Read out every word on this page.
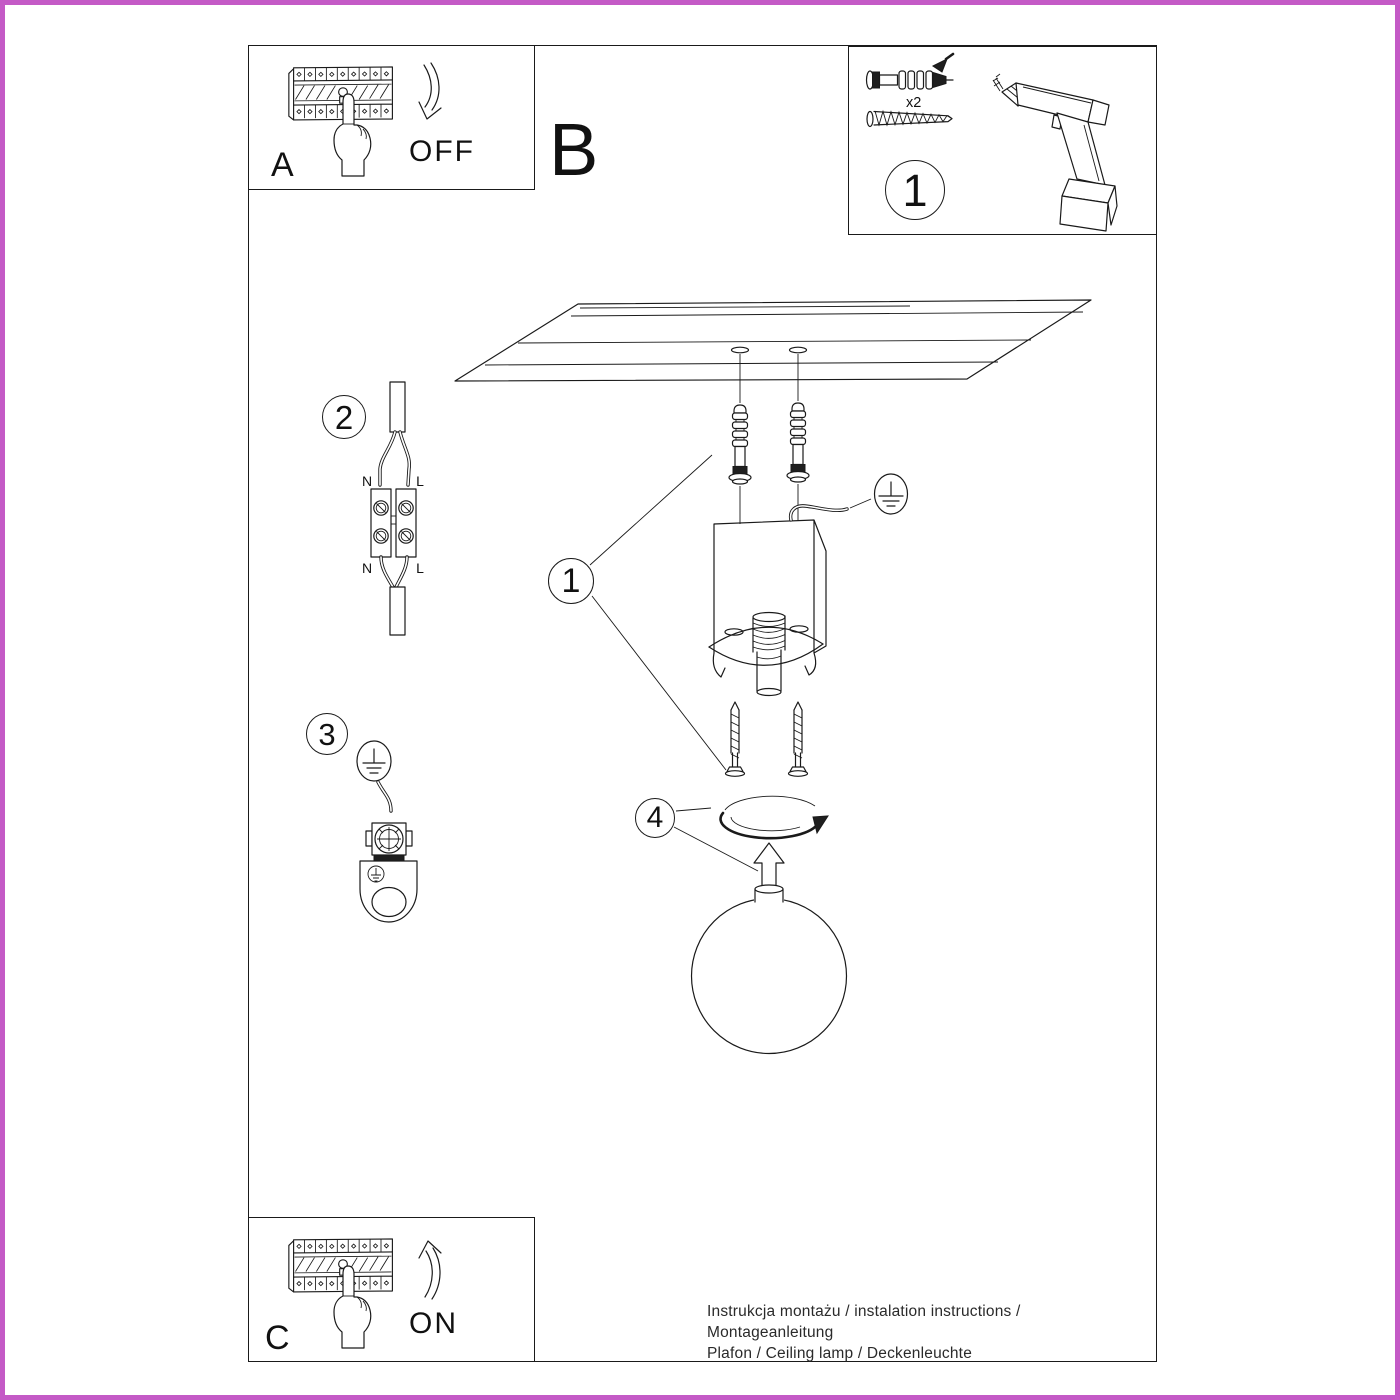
A	OFF B
x2
1
1
2
N	L
N	L
3
4
C	ON	Instrukcja montażu / instalation instructions / Montageanleitung
Plafon / Ceiling lamp / Deckenleuchte
